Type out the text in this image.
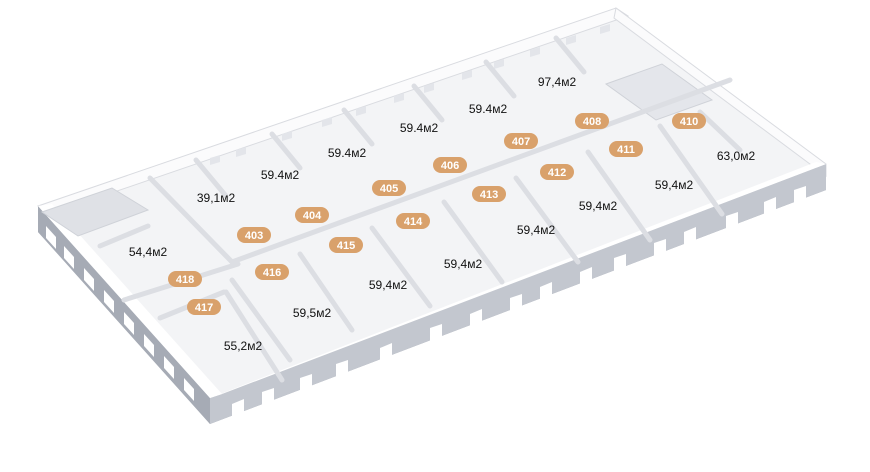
39,1м2
59.4м2
59.4м2
59.4м2
59.4м2
97,4м2
63,0м2
59,4м2
59,4м2
59,4м2
59,4м2
59,4м2
59,5м2
55,2м2
54,4м2
403
404
405
406
407
408	410
411
412
413
414
415
416
417
418
